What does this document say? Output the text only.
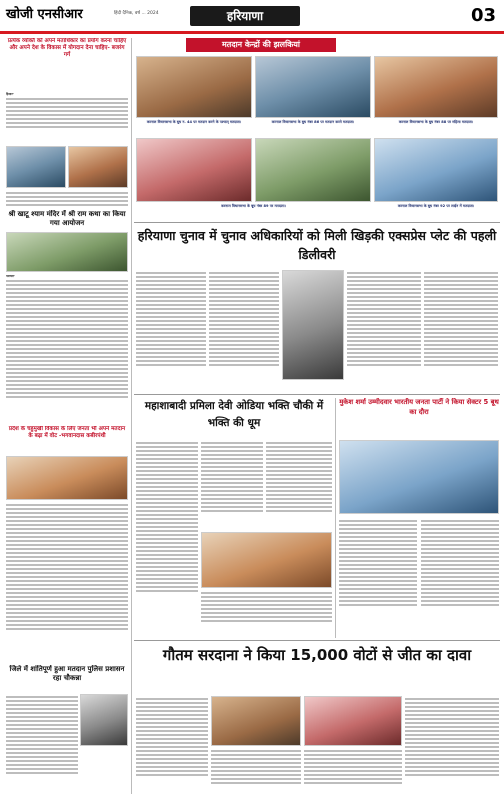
खोजी एनसीआर	हिंदी दैनिक, वर्ष ... 2024	हरियाणा	03
प्रत्येक व्यक्ति को अपने मताधिकार का प्रयोग करना चाहिए और अपने देश के विकास में योगदान देना चाहिए- बजरंग गर्ग
हिसार-
श्री खाटू श्याम मंदिर में श्री राम कथा का किया गया आयोजन
पलवल-
प्रदेश के चहुंमुखी विकास के लिए जनता भी अपने मतदान के बढ़ा में वोट -भगवानदास कबीरपंथी
जिले में शांतिपूर्ण हुआ मतदान पुलिस प्रशासन रहा चौकन्ना
मतदान केन्द्रों की झलकियां
करनाल विधानसभा के बूथ न. 44 पर मतदान करने के पश्चात् मतदाता।	करनाल विधानसभा के बूथ नंबर 86 पर मतदान करते मतदाता।	करनाल विधानसभा के बूथ नंबर 88 पर महिला मतदाता।
करनाल विधानसभा के बूथ नंबर 89 पर मतदाता।	करनाल विधानसभा के बूथ नंबर 92 पर लाईन में मतदाता।
हरियाणा चुनाव में चुनाव अधिकारियों को मिली खिड़की एक्सप्रेस प्लेट की पहली डिलीवरी
महाशाबादी प्रमिला देवी ओडिया भक्ति चौकी में भक्ति की धूम
मुकेश शर्मा उम्मीदवार भारतीय जनता पार्टी ने किया सेक्टर 5 बूथ का दौरा
गौतम सरदाना ने किया 15,000 वोटों से जीत का दावा
